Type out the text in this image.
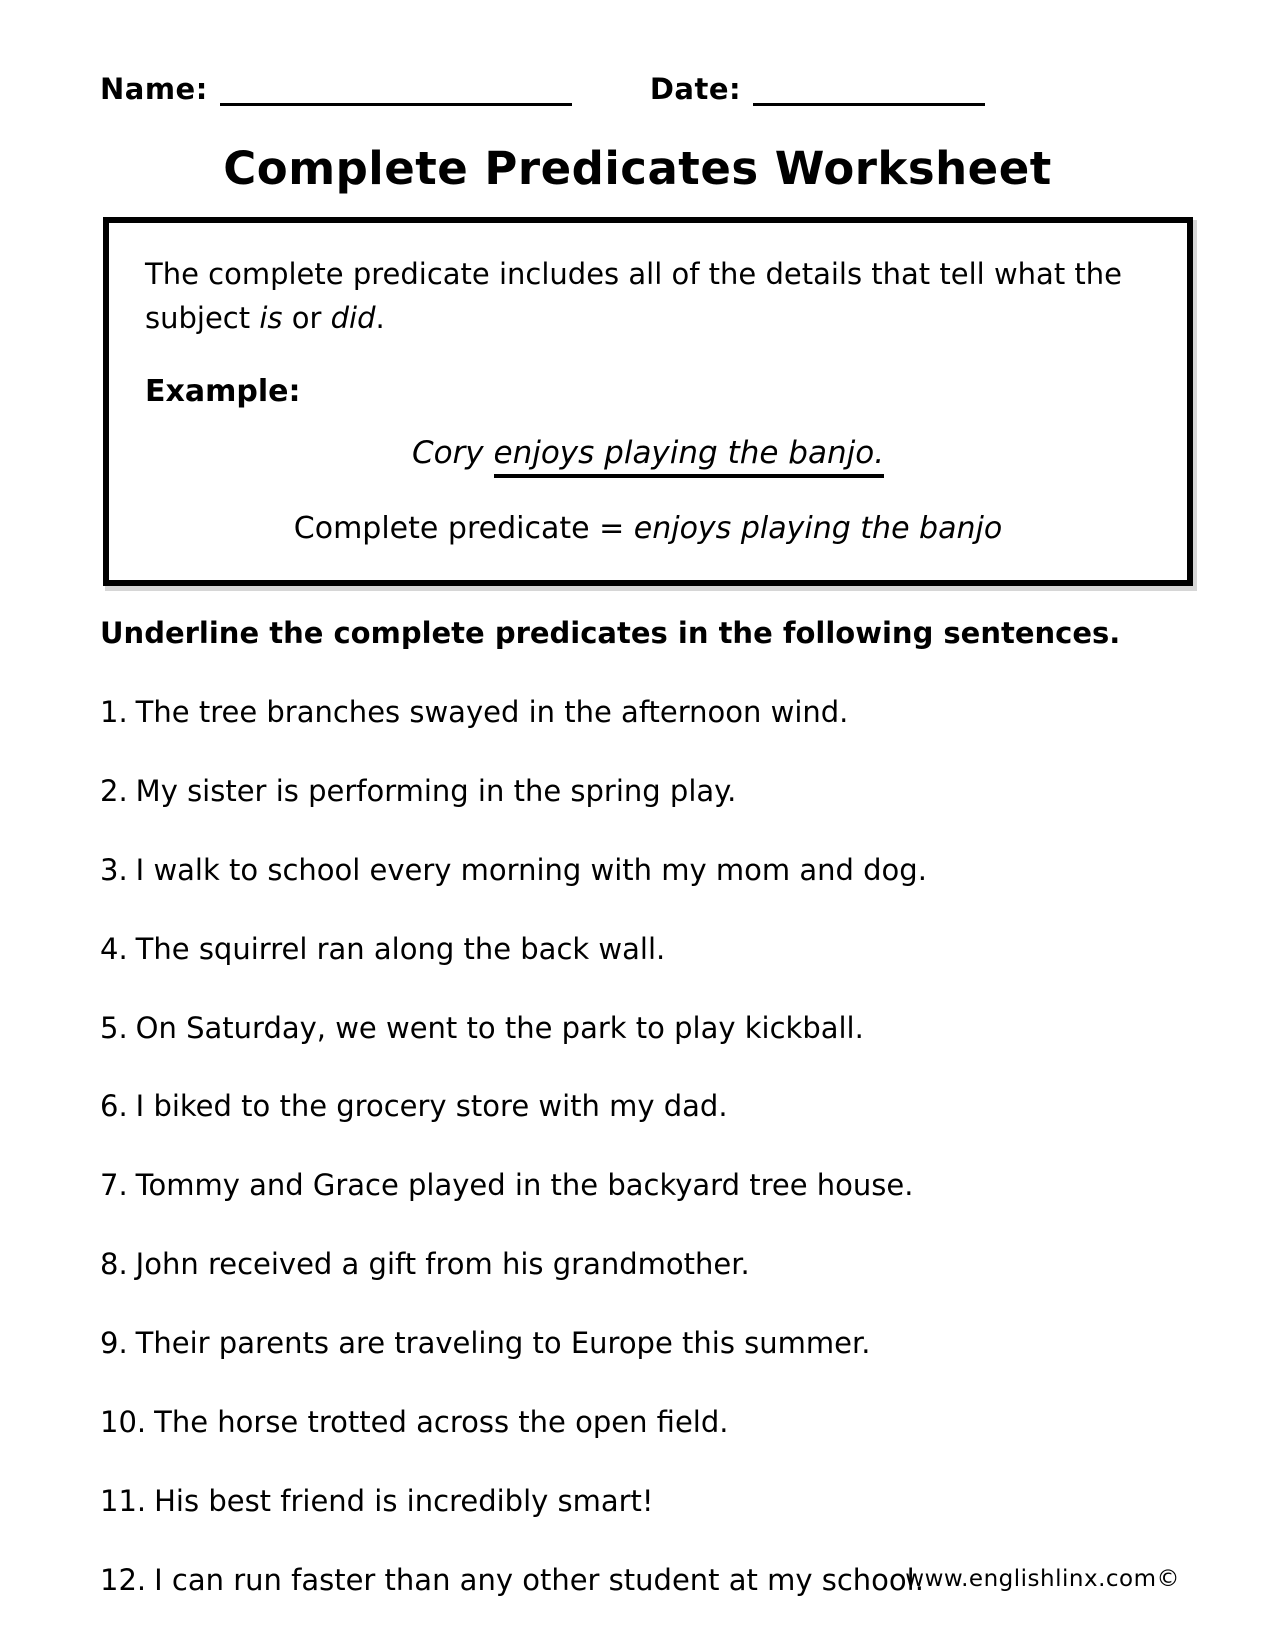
Name:	Date:
Complete Predicates Worksheet

The complete predicate includes all of the details that tell what the subject is or did.

Example:

Cory enjoys playing the banjo.

Complete predicate = enjoys playing the banjo

Underline the complete predicates in the following sentences.

1. The tree branches swayed in the afternoon wind.
2. My sister is performing in the spring play.
3. I walk to school every morning with my mom and dog.
4. The squirrel ran along the back wall.
5. On Saturday, we went to the park to play kickball.
6. I biked to the grocery store with my dad.
7. Tommy and Grace played in the backyard tree house.
8. John received a gift from his grandmother.
9. Their parents are traveling to Europe this summer.
10. The horse trotted across the open field.
11. His best friend is incredibly smart!
12. I can run faster than any other student at my school.
www.englishlinx.com©
